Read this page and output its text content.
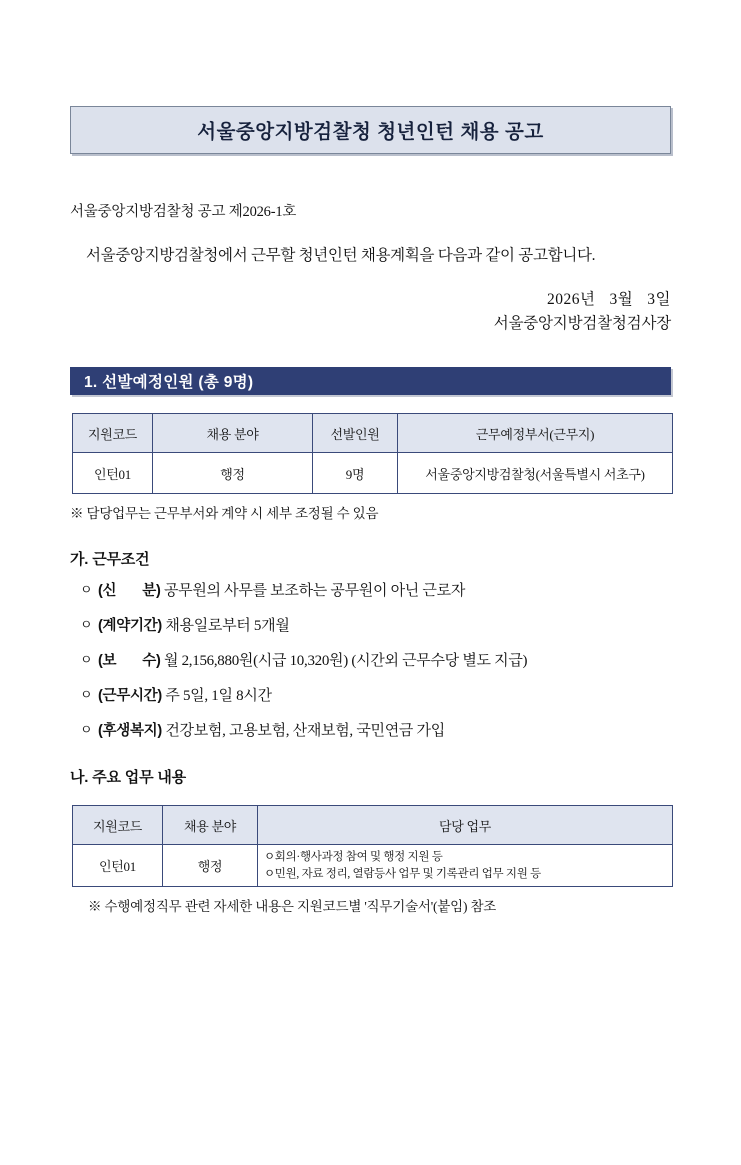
서울중앙지방검찰청 청년인턴 채용 공고
서울중앙지방검찰청 공고 제2026-1호
서울중앙지방검찰청에서 근무할 청년인턴 채용계획을 다음과 같이 공고합니다.
2026년 3월 3일
서울중앙지방검찰청검사장
1. 선발예정인원 (총 9명)
지원코드	채용 분야	선발인원	근무예정부서(근무지)
인턴01	행정	9명	서울중앙지방검찰청(서울특별시 서초구)
※ 담당업무는 근무부서와 계약 시 세부 조정될 수 있음
가. 근무조건
ㅇ (신 분) 공무원의 사무를 보조하는 공무원이 아닌 근로자
ㅇ (계약기간) 채용일로부터 5개월
ㅇ (보 수) 월 2,156,880원(시급 10,320원) (시간외 근무수당 별도 지급)
ㅇ (근무시간) 주 5일, 1일 8시간
ㅇ (후생복지) 건강보험, 고용보험, 산재보험, 국민연금 가입
나. 주요 업무 내용
지원코드	채용 분야	담당 업무
인턴01	행정	ㅇ회의·행사과정 참여 및 행정 지원 등
ㅇ민원, 자료 정리, 열람등사 업무 및 기록관리 업무 지원 등
※ 수행예정직무 관련 자세한 내용은 지원코드별 '직무기술서'(붙임) 참조
